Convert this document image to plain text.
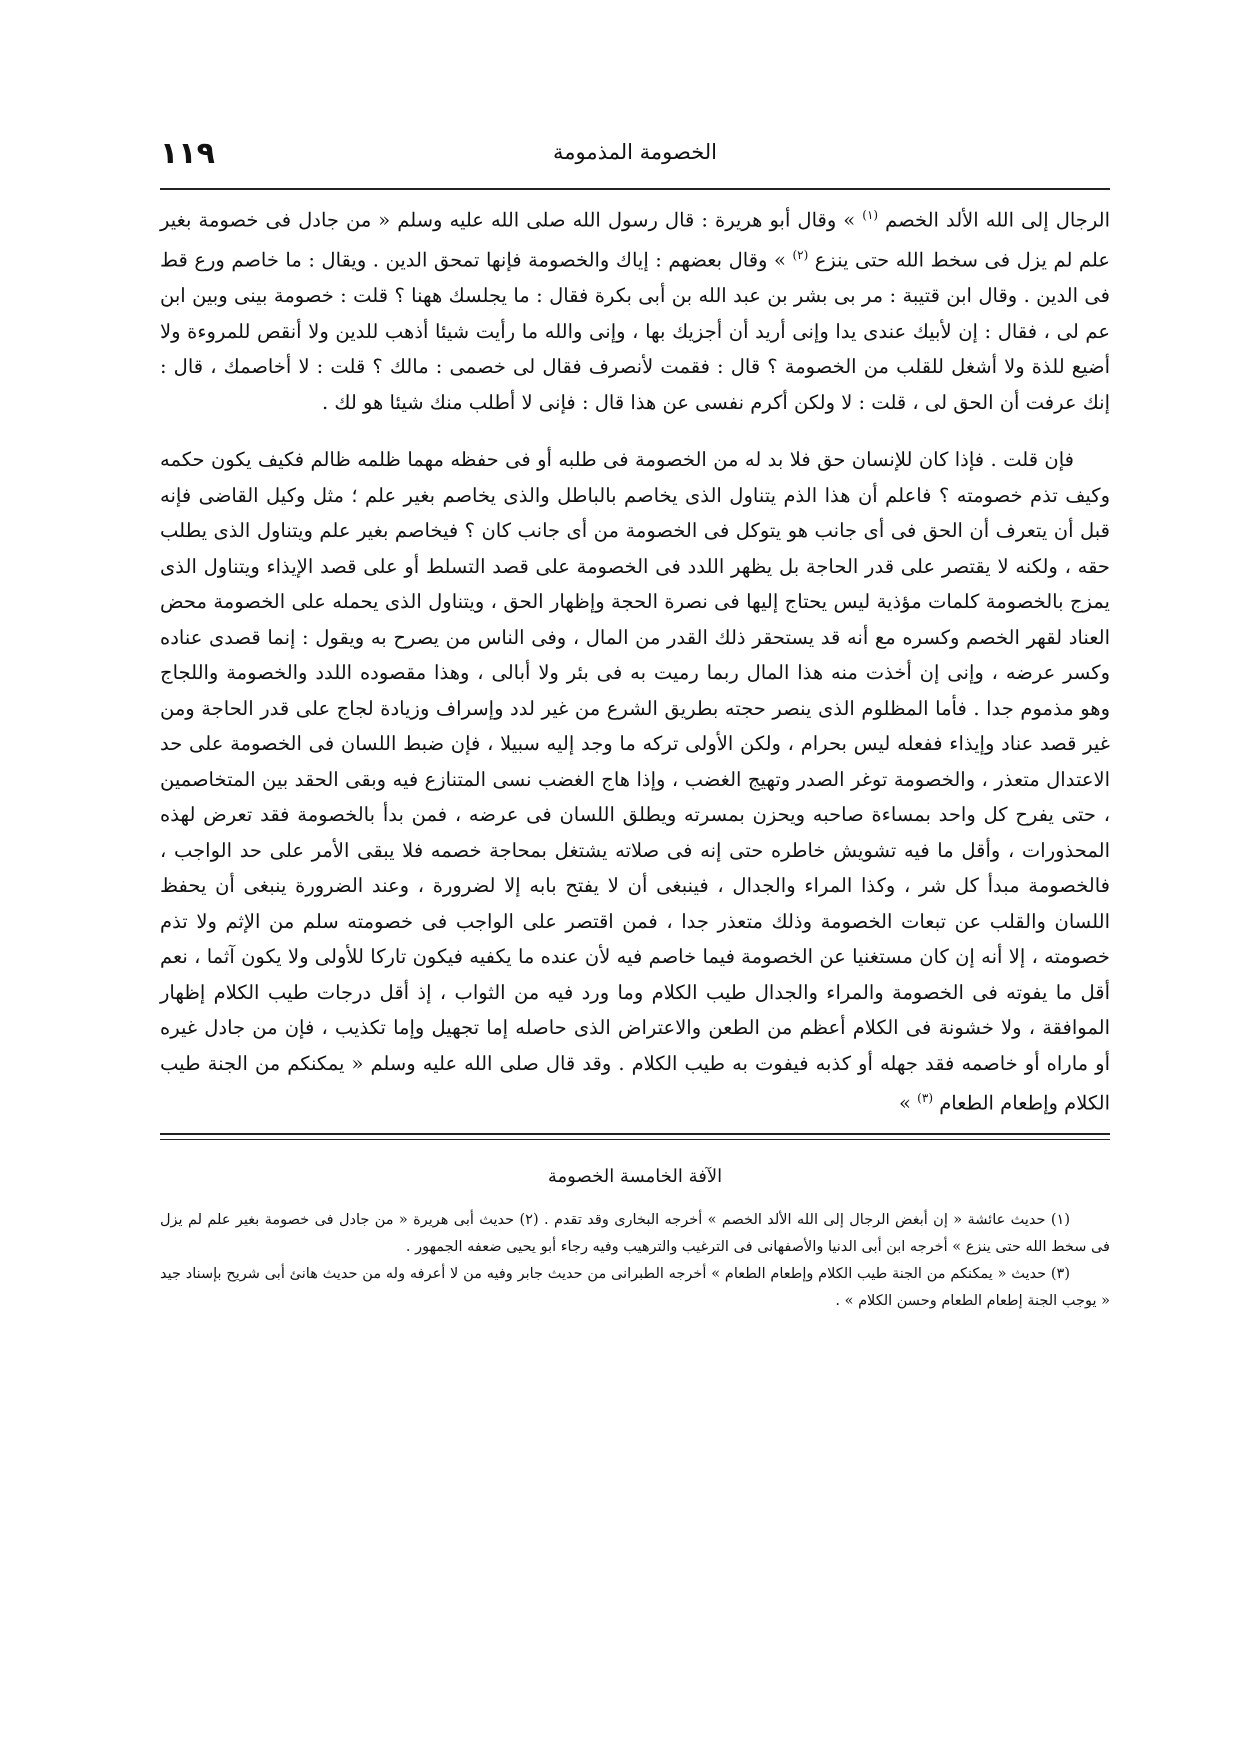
١١٩	الخصومة المذمومة

الرجال إلى الله الألد الخصم $^{(١)}$ » وقال أبو هريرة : قال رسول الله صلى الله عليه وسلم « من جادل فى خصومة بغير علم لم يزل فى سخط الله حتى ينزع $^{(٢)}$ » وقال بعضهم : إياك والخصومة فإنها تمحق الدين . ويقال : ما خاصم ورع قط فى الدين . وقال ابن قتيبة : مر بى بشر بن عبد الله بن أبى بكرة فقال : ما يجلسك ههنا ؟ قلت : خصومة بينى وبين ابن عم لى ، فقال : إن لأبيك عندى يدا وإنى أريد أن أجزيك بها ، وإنى والله ما رأيت شيئا أذهب للدين ولا أنقص للمروءة ولا أضيع للذة ولا أشغل للقلب من الخصومة ؟ قال : فقمت لأنصرف فقال لى خصمى : مالك ؟ قلت : لا أخاصمك ، قال : إنك عرفت أن الحق لى ، قلت : لا ولكن أكرم نفسى عن هذا قال : فإنى لا أطلب منك شيئا هو لك .

فإن قلت . فإذا كان للإنسان حق فلا بد له من الخصومة فى طلبه أو فى حفظه مهما ظلمه ظالم فكيف يكون حكمه وكيف تذم خصومته ؟ فاعلم أن هذا الذم يتناول الذى يخاصم بالباطل والذى يخاصم بغير علم ؛ مثل وكيل القاضى فإنه قبل أن يتعرف أن الحق فى أى جانب هو يتوكل فى الخصومة من أى جانب كان ؟ فيخاصم بغير علم ويتناول الذى يطلب حقه ، ولكنه لا يقتصر على قدر الحاجة بل يظهر اللدد فى الخصومة على قصد التسلط أو على قصد الإيذاء ويتناول الذى يمزج بالخصومة كلمات مؤذية ليس يحتاج إليها فى نصرة الحجة وإظهار الحق ، ويتناول الذى يحمله على الخصومة محض العناد لقهر الخصم وكسره مع أنه قد يستحقر ذلك القدر من المال ، وفى الناس من يصرح به ويقول : إنما قصدى عناده وكسر عرضه ، وإنى إن أخذت منه هذا المال ربما رميت به فى بئر ولا أبالى ، وهذا مقصوده اللدد والخصومة واللجاج وهو مذموم جدا . فأما المظلوم الذى ينصر حجته بطريق الشرع من غير لدد وإسراف وزيادة لجاج على قدر الحاجة ومن غير قصد عناد وإيذاء ففعله ليس بحرام ، ولكن الأولى تركه ما وجد إليه سبيلا ، فإن ضبط اللسان فى الخصومة على حد الاعتدال متعذر ، والخصومة توغر الصدر وتهيج الغضب ، وإذا هاج الغضب نسى المتنازع فيه وبقى الحقد بين المتخاصمين ، حتى يفرح كل واحد بمساءة صاحبه ويحزن بمسرته ويطلق اللسان فى عرضه ، فمن بدأ بالخصومة فقد تعرض لهذه المحذورات ، وأقل ما فيه تشويش خاطره حتى إنه فى صلاته يشتغل بمحاجة خصمه فلا يبقى الأمر على حد الواجب ، فالخصومة مبدأ كل شر ، وكذا المراء والجدال ، فينبغى أن لا يفتح بابه إلا لضرورة ، وعند الضرورة ينبغى أن يحفظ اللسان والقلب عن تبعات الخصومة وذلك متعذر جدا ، فمن اقتصر على الواجب فى خصومته سلم من الإثم ولا تذم خصومته ، إلا أنه إن كان مستغنيا عن الخصومة فيما خاصم فيه لأن عنده ما يكفيه فيكون تاركا للأولى ولا يكون آثما ، نعم أقل ما يفوته فى الخصومة والمراء والجدال طيب الكلام وما ورد فيه من الثواب ، إذ أقل درجات طيب الكلام إظهار الموافقة ، ولا خشونة فى الكلام أعظم من الطعن والاعتراض الذى حاصله إما تجهيل وإما تكذيب ، فإن من جادل غيره أو ماراه أو خاصمه فقد جهله أو كذبه فيفوت به طيب الكلام . وقد قال صلى الله عليه وسلم « يمكنكم من الجنة طيب الكلام وإطعام الطعام $^{(٣)}$ »

الآفة الخامسة الخصومة

(١) حديث عائشة « إن أبغض الرجال إلى الله الألد الخصم » أخرجه البخارى وقد تقدم . (٢) حديث أبى هريرة « من جادل فى خصومة بغير علم لم يزل فى سخط الله حتى ينزع » أخرجه ابن أبى الدنيا والأصفهانى فى الترغيب والترهيب وفيه رجاء أبو يحيى ضعفه الجمهور .

(٣) حديث « يمكنكم من الجنة طيب الكلام وإطعام الطعام » أخرجه الطبرانى من حديث جابر وفيه من لا أعرفه وله من حديث هانئ أبى شريح بإسناد جيد « يوجب الجنة إطعام الطعام وحسن الكلام » .
